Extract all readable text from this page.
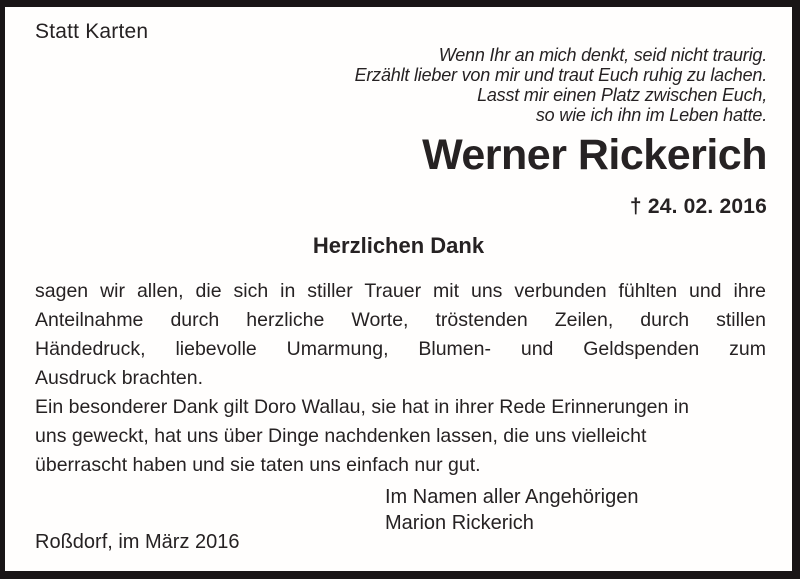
Statt Karten
Wenn Ihr an mich denkt, seid nicht traurig.
Erzählt lieber von mir und traut Euch ruhig zu lachen.
Lasst mir einen Platz zwischen Euch,
so wie ich ihn im Leben hatte.
Werner Rickerich
† 24. 02. 2016
Herzlichen Dank
sagen wir allen, die sich in stiller Trauer mit uns verbunden fühlten und ihre
Anteilnahme durch herzliche Worte, tröstenden Zeilen, durch stillen
Händedruck, liebevolle Umarmung, Blumen- und Geldspenden zum
Ausdruck brachten.
Ein besonderer Dank gilt Doro Wallau, sie hat in ihrer Rede Erinnerungen in
uns geweckt, hat uns über Dinge nachdenken lassen, die uns vielleicht
überrascht haben und sie taten uns einfach nur gut.
Im Namen aller Angehörigen
Marion Rickerich
Roßdorf, im März 2016
